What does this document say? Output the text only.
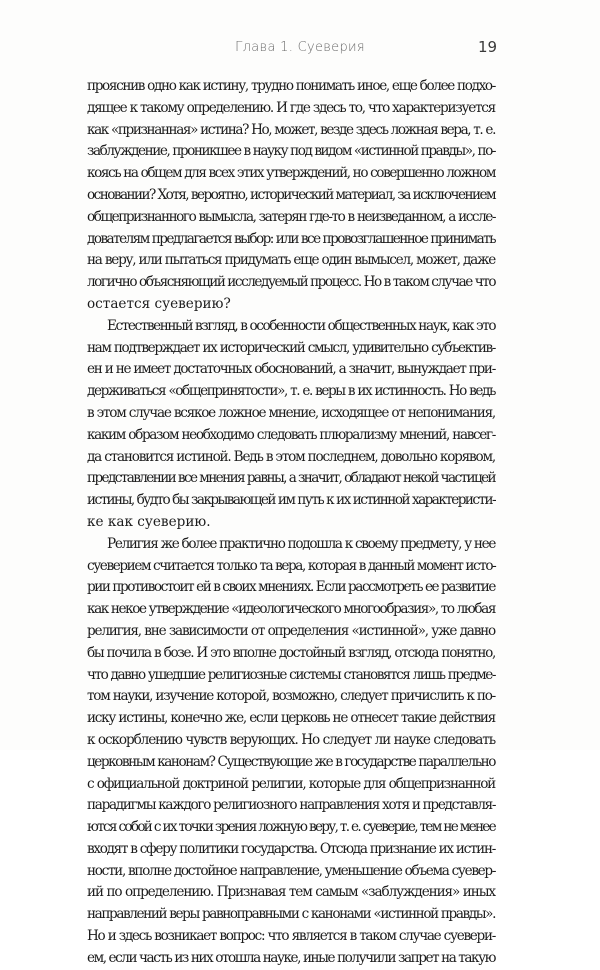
Глава 1. Суеверия	19
прояснив одно как истину, трудно понимать иное, еще более подхо-
дящее к такому определению. И где здесь то, что характеризуется
как «признанная» истина? Но, может, везде здесь ложная вера, т. е.
заблуждение, проникшее в науку под видом «истинной правды», по-
коясь на общем для всех этих утверждений, но совершенно ложном
основании? Хотя, вероятно, исторический материал, за исключением
общепризнанного вымысла, затерян где-то в неизведанном, а иссле-
дователям предлагается выбор: или все провозглашенное принимать
на веру, или пытаться придумать еще один вымысел, может, даже
логично объясняющий исследуемый процесс. Но в таком случае что
остается суеверию?
Естественный взгляд, в особенности общественных наук, как это
нам подтверждает их исторический смысл, удивительно субъектив-
ен и не имеет достаточных обоснований, а значит, вынуждает при-
держиваться «общепринятости», т. е. веры в их истинность. Но ведь
в этом случае всякое ложное мнение, исходящее от непонимания,
каким образом необходимо следовать плюрализму мнений, навсег-
да становится истиной. Ведь в этом последнем, довольно корявом,
представлении все мнения равны, а значит, обладают некой частицей
истины, будто бы закрывающей им путь к их истинной характеристи-
ке как суеверию.
Религия же более практично подошла к своему предмету, у нее
суеверием считается только та вера, которая в данный момент исто-
рии противостоит ей в своих мнениях. Если рассмотреть ее развитие
как некое утверждение «идеологического многообразия», то любая
религия, вне зависимости от определения «истинной», уже давно
бы почила в бозе. И это вполне достойный взгляд, отсюда понятно,
что давно ушедшие религиозные системы становятся лишь предме-
том науки, изучение которой, возможно, следует причислить к по-
иску истины, конечно же, если церковь не отнесет такие действия
к оскорблению чувств верующих. Но следует ли науке следовать
церковным канонам? Существующие же в государстве параллельно
с официальной доктриной религии, которые для общепризнанной
парадигмы каждого религиозного направления хотя и представля-
ются собой с их точки зрения ложную веру, т. е. суеверие, тем не менее
входят в сферу политики государства. Отсюда признание их истин-
ности, вполне достойное направление, уменьшение объема суевер-
ий по определению. Признавая тем самым «заблуждения» иных
направлений веры равноправными с канонами «истинной правды».
Но и здесь возникает вопрос: что является в таком случае суевери-
ем, если часть из них отошла науке, иные получили запрет на такую
